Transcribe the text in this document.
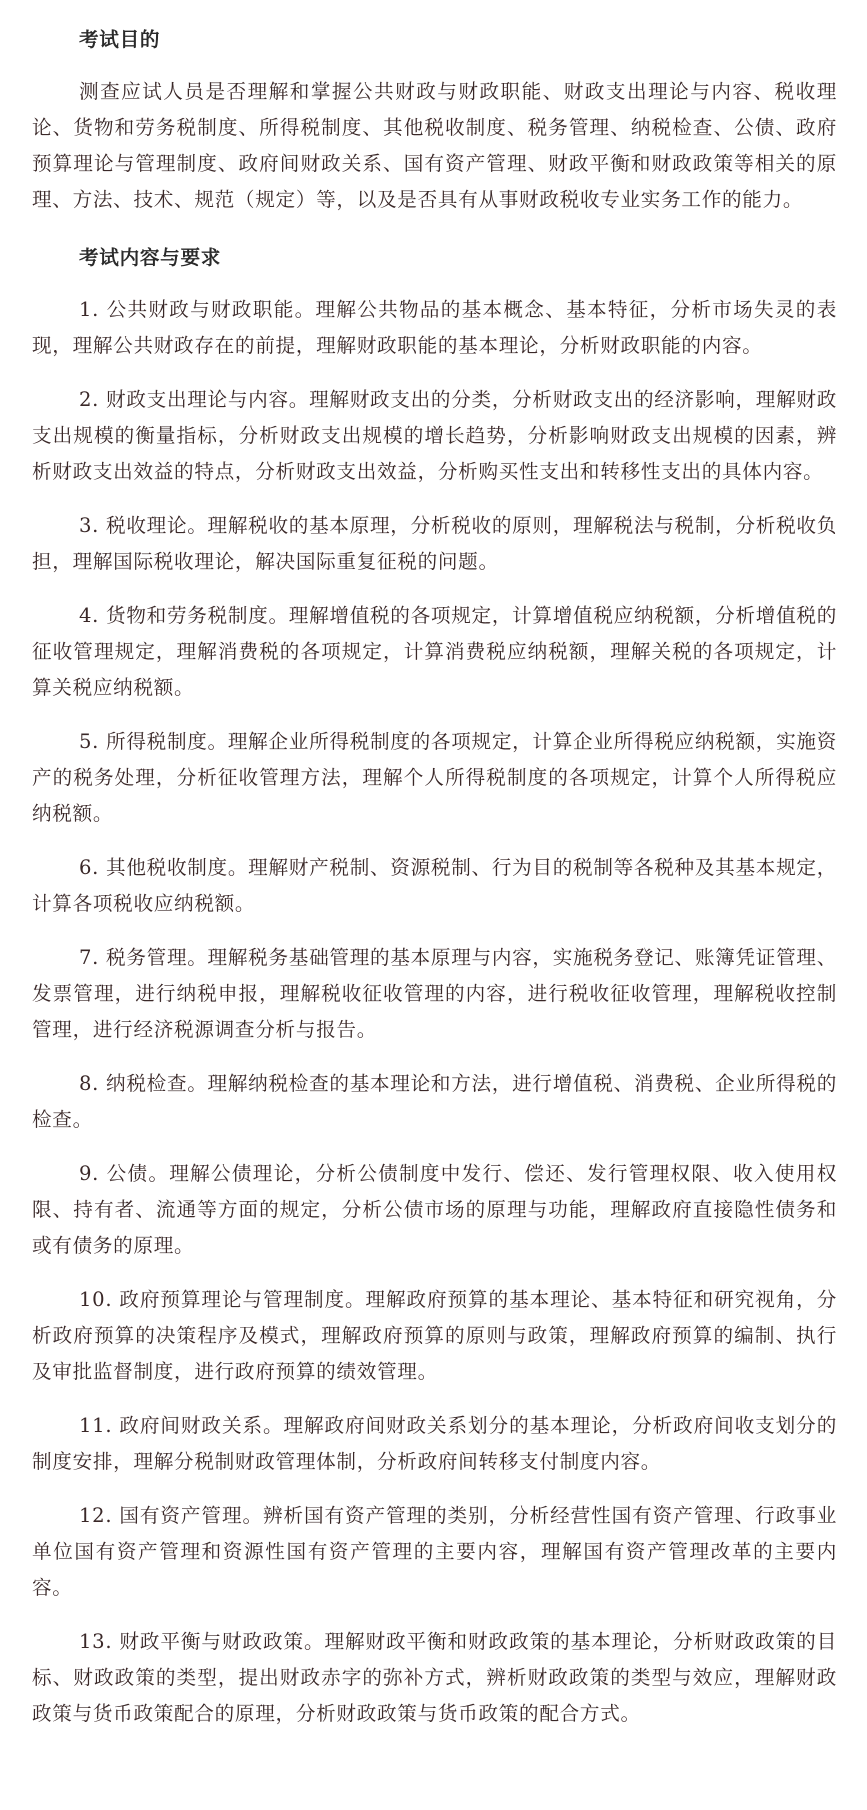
考试目的

测查应试人员是否理解和掌握公共财政与财政职能、财政支出理论与内容、税收理论、货物和劳务税制度、所得税制度、其他税收制度、税务管理、纳税检查、公债、政府预算理论与管理制度、政府间财政关系、国有资产管理、财政平衡和财政政策等相关的原理、方法、技术、规范（规定）等，以及是否具有从事财政税收专业实务工作的能力。

考试内容与要求

1. 公共财政与财政职能。理解公共物品的基本概念、基本特征，分析市场失灵的表现，理解公共财政存在的前提，理解财政职能的基本理论，分析财政职能的内容。

2. 财政支出理论与内容。理解财政支出的分类，分析财政支出的经济影响，理解财政支出规模的衡量指标，分析财政支出规模的增长趋势，分析影响财政支出规模的因素，辨析财政支出效益的特点，分析财政支出效益，分析购买性支出和转移性支出的具体内容。

3. 税收理论。理解税收的基本原理，分析税收的原则，理解税法与税制，分析税收负担，理解国际税收理论，解决国际重复征税的问题。

4. 货物和劳务税制度。理解增值税的各项规定，计算增值税应纳税额，分析增值税的征收管理规定，理解消费税的各项规定，计算消费税应纳税额，理解关税的各项规定，计算关税应纳税额。

5. 所得税制度。理解企业所得税制度的各项规定，计算企业所得税应纳税额，实施资产的税务处理，分析征收管理方法，理解个人所得税制度的各项规定，计算个人所得税应纳税额。

6. 其他税收制度。理解财产税制、资源税制、行为目的税制等各税种及其基本规定，计算各项税收应纳税额。

7. 税务管理。理解税务基础管理的基本原理与内容，实施税务登记、账簿凭证管理、发票管理，进行纳税申报，理解税收征收管理的内容，进行税收征收管理，理解税收控制管理，进行经济税源调查分析与报告。

8. 纳税检查。理解纳税检查的基本理论和方法，进行增值税、消费税、企业所得税的检查。

9. 公债。理解公债理论，分析公债制度中发行、偿还、发行管理权限、收入使用权限、持有者、流通等方面的规定，分析公债市场的原理与功能，理解政府直接隐性债务和或有债务的原理。

10. 政府预算理论与管理制度。理解政府预算的基本理论、基本特征和研究视角，分析政府预算的决策程序及模式，理解政府预算的原则与政策，理解政府预算的编制、执行及审批监督制度，进行政府预算的绩效管理。

11. 政府间财政关系。理解政府间财政关系划分的基本理论，分析政府间收支划分的制度安排，理解分税制财政管理体制，分析政府间转移支付制度内容。

12. 国有资产管理。辨析国有资产管理的类别，分析经营性国有资产管理、行政事业单位国有资产管理和资源性国有资产管理的主要内容，理解国有资产管理改革的主要内容。

13. 财政平衡与财政政策。理解财政平衡和财政政策的基本理论，分析财政政策的目标、财政政策的类型，提出财政赤字的弥补方式，辨析财政政策的类型与效应，理解财政政策与货币政策配合的原理，分析财政政策与货币政策的配合方式。
